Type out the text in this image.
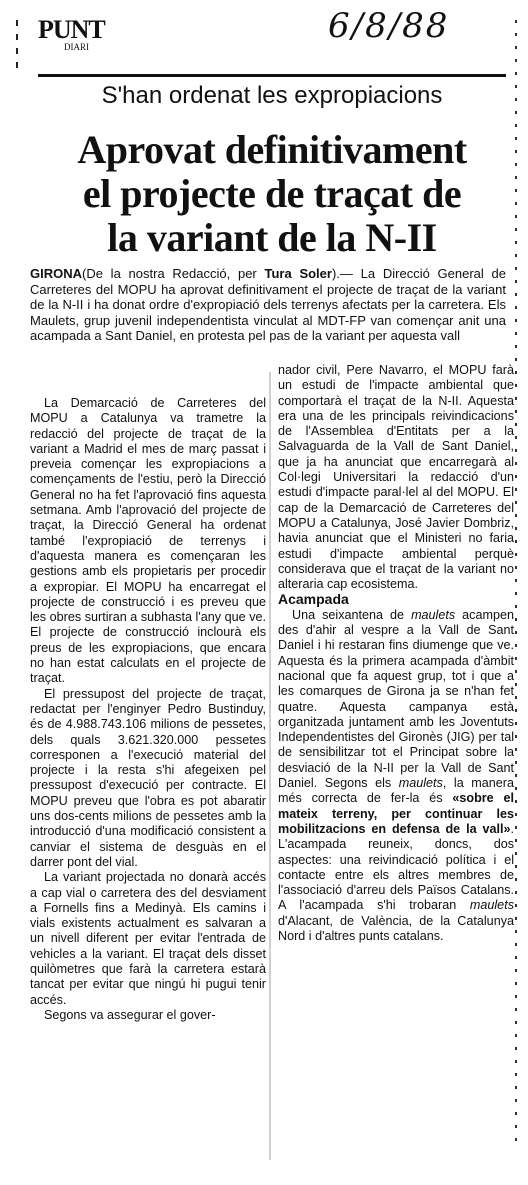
PUNT
DIARI
6/8/88
S'han ordenat les expropiacions
Aprovat definitivament
el projecte de traçat de
la variant de la N-II
GIRONA(De la nostra Redacció, per Tura Soler).— La Direcció General de Carreteres del MOPU ha aprovat definitivament el projecte de traçat de la variant de la N-II i ha donat ordre d'expropiació dels terrenys afectats per la carretera. Els Maulets, grup juvenil independentista vinculat al MDT-FP van començar anit una acampada a Sant Daniel, en protesta pel pas de la variant per aquesta vall

La Demarcació de Carreteres del MOPU a Catalunya va trametre la redacció del projecte de traçat de la variant a Madrid el mes de març passat i preveia començar les expropiacions a començaments de l'estiu, però la Direcció General no ha fet l'aprovació fins aquesta setmana. Amb l'aprovació del projecte de traçat, la Direcció General ha ordenat també l'expropiació de terrenys i d'aquesta manera es començaran les gestions amb els propietaris per procedir a expropiar. El MOPU ha encarregat el projecte de construcció i es preveu que les obres surtiran a subhasta l'any que ve. El projecte de construcció inclourà els preus de les expropiacions, que encara no han estat calculats en el projecte de traçat.

El pressupost del projecte de traçat, redactat per l'enginyer Pedro Bustinduy, és de 4.988.743.106 milions de pessetes, dels quals 3.621.320.000 pessetes corresponen a l'execució material del projecte i la resta s'hi afegeixen pel pressupost d'execució per contracte. El MOPU preveu que l'obra es pot abaratir uns dos-cents milions de pessetes amb la introducció d'una modificació consistent a canviar el sistema de desguàs en el darrer pont del vial.

La variant projectada no donarà accés a cap vial o carretera des del desviament a Fornells fins a Medinyà. Els camins i vials existents actualment es salvaran a un nivell diferent per evitar l'entrada de vehicles a la variant. El traçat dels disset quilòmetres que farà la carretera estarà tancat per evitar que ningú hi pugui tenir accés.

Segons va assegurar el gover-

nador civil, Pere Navarro, el MOPU farà un estudi de l'impacte ambiental que comportarà el traçat de la N-II. Aquesta era una de les principals reivindicacions de l'Assemblea d'Entitats per a la Salvaguarda de la Vall de Sant Daniel, que ja ha anunciat que encarregarà al Col·legi Universitari la redacció d'un estudi d'impacte paral·lel al del MOPU. El cap de la Demarcació de Carreteres del MOPU a Catalunya, José Javier Dombriz, havia anunciat que el Ministeri no faria estudi d'impacte ambiental perquè considerava que el traçat de la variant no alteraria cap ecosistema.

Acampada

Una seixantena de maulets acampen des d'ahir al vespre a la Vall de Sant Daniel i hi restaran fins diumenge que ve. Aquesta és la primera acampada d'àmbit nacional que fa aquest grup, tot i que a les comarques de Girona ja se n'han fet quatre. Aquesta campanya està organitzada juntament amb les Joventuts Independentistes del Gironès (JIG) per tal de sensibilitzar tot el Principat sobre la desviació de la N-II per la Vall de Sant Daniel. Segons els maulets, la manera més correcta de fer-la és «sobre el mateix terreny, per continuar les mobilitzacions en defensa de la vall». L'acampada reuneix, doncs, dos aspectes: una reivindicació política i el contacte entre els altres membres de l'associació d'arreu dels Països Catalans. A l'acampada s'hi trobaran maulets d'Alacant, de València, de la Catalunya Nord i d'altres punts catalans.
